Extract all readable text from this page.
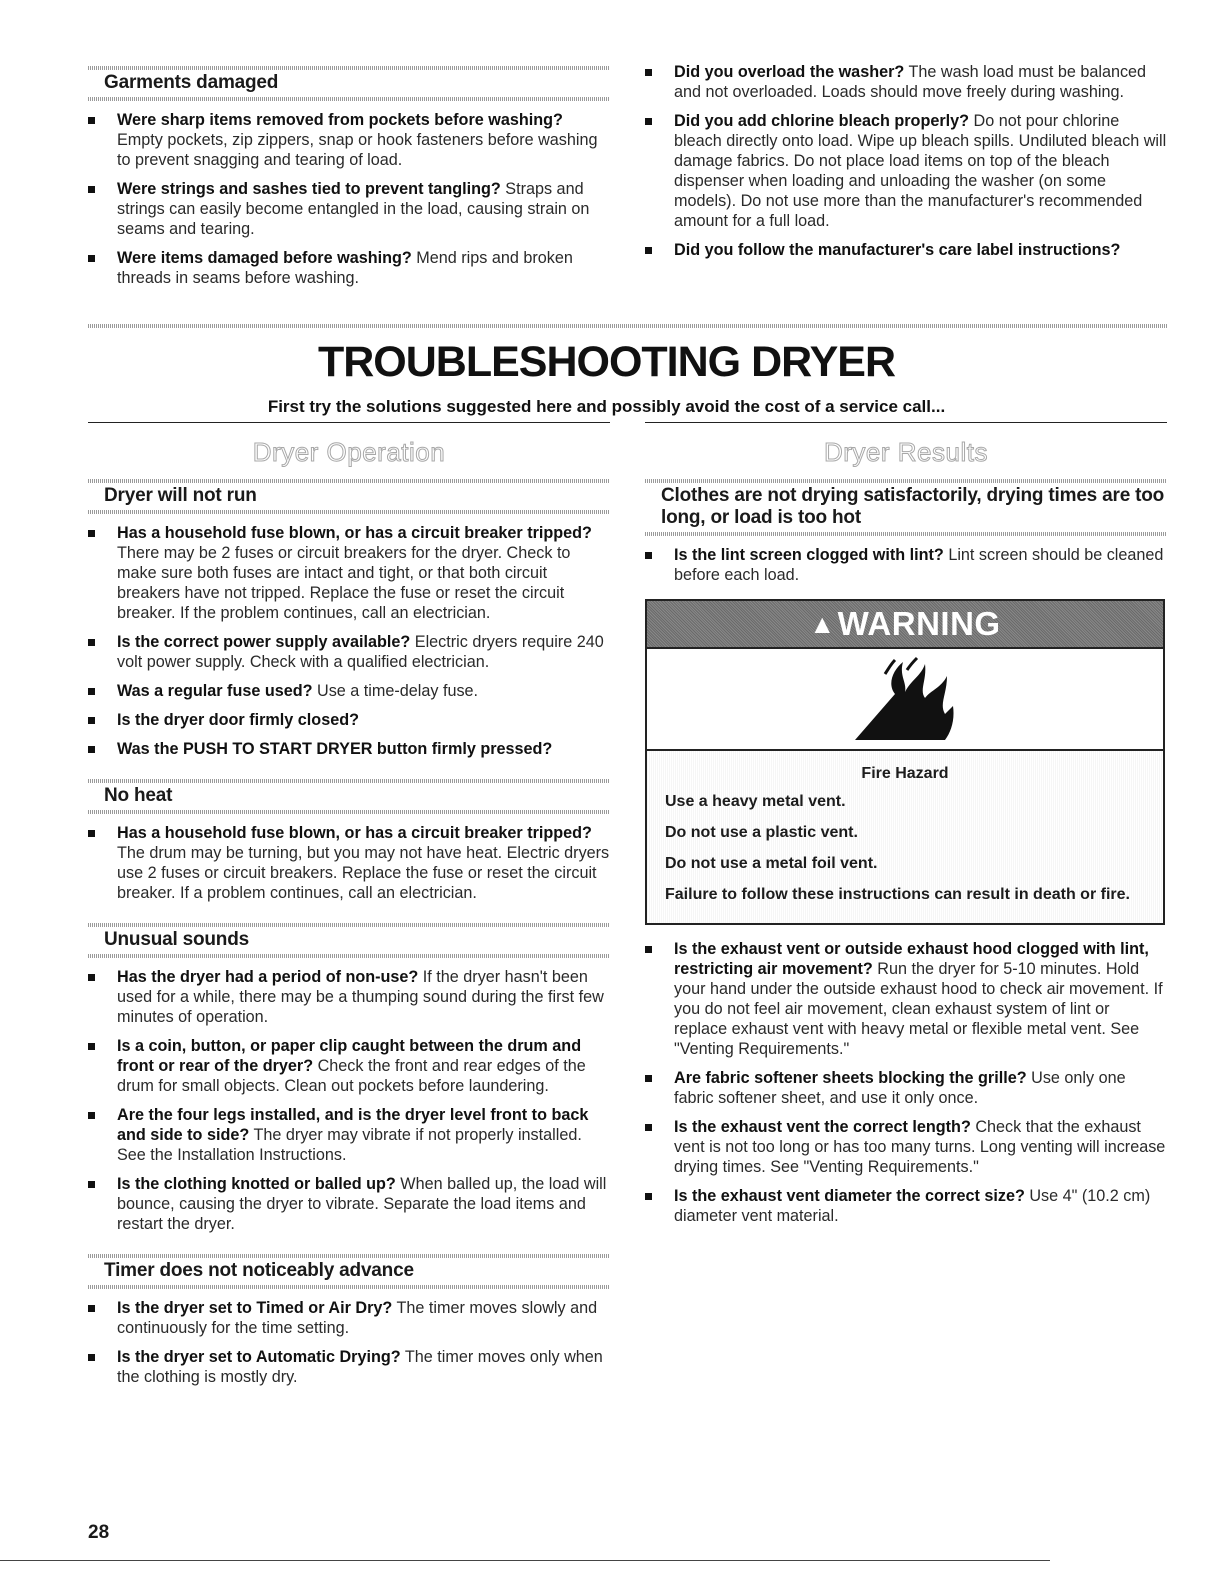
Garments damaged
Were sharp items removed from pockets before washing? Empty pockets, zip zippers, snap or hook fasteners before washing to prevent snagging and tearing of load.
Were strings and sashes tied to prevent tangling? Straps and strings can easily become entangled in the load, causing strain on seams and tearing.
Were items damaged before washing? Mend rips and broken threads in seams before washing.
Did you overload the washer? The wash load must be balanced and not overloaded. Loads should move freely during washing.
Did you add chlorine bleach properly? Do not pour chlorine bleach directly onto load. Wipe up bleach spills. Undiluted bleach will damage fabrics. Do not place load items on top of the bleach dispenser when loading and unloading the washer (on some models). Do not use more than the manufacturer's recommended amount for a full load.
Did you follow the manufacturer's care label instructions?
TROUBLESHOOTING DRYER
First try the solutions suggested here and possibly avoid the cost of a service call...
Dryer Operation
Dryer will not run
Has a household fuse blown, or has a circuit breaker tripped? There may be 2 fuses or circuit breakers for the dryer. Check to make sure both fuses are intact and tight, or that both circuit breakers have not tripped. Replace the fuse or reset the circuit breaker. If the problem continues, call an electrician.
Is the correct power supply available? Electric dryers require 240 volt power supply. Check with a qualified electrician.
Was a regular fuse used? Use a time-delay fuse.
Is the dryer door firmly closed?
Was the PUSH TO START DRYER button firmly pressed?
No heat
Has a household fuse blown, or has a circuit breaker tripped? The drum may be turning, but you may not have heat. Electric dryers use 2 fuses or circuit breakers. Replace the fuse or reset the circuit breaker. If a problem continues, call an electrician.
Unusual sounds
Has the dryer had a period of non-use? If the dryer hasn't been used for a while, there may be a thumping sound during the first few minutes of operation.
Is a coin, button, or paper clip caught between the drum and front or rear of the dryer? Check the front and rear edges of the drum for small objects. Clean out pockets before laundering.
Are the four legs installed, and is the dryer level front to back and side to side? The dryer may vibrate if not properly installed. See the Installation Instructions.
Is the clothing knotted or balled up? When balled up, the load will bounce, causing the dryer to vibrate. Separate the load items and restart the dryer.
Timer does not noticeably advance
Is the dryer set to Timed or Air Dry? The timer moves slowly and continuously for the time setting.
Is the dryer set to Automatic Drying? The timer moves only when the clothing is mostly dry.
Dryer Results
Clothes are not drying satisfactorily, drying times are too long, or load is too hot
Is the lint screen clogged with lint? Lint screen should be cleaned before each load.
▲ WARNING
Fire Hazard

Use a heavy metal vent.

Do not use a plastic vent.

Do not use a metal foil vent.

Failure to follow these instructions can result in death or fire.

Is the exhaust vent or outside exhaust hood clogged with lint, restricting air movement? Run the dryer for 5-10 minutes. Hold your hand under the outside exhaust hood to check air movement. If you do not feel air movement, clean exhaust system of lint or replace exhaust vent with heavy metal or flexible metal vent. See "Venting Requirements."
Are fabric softener sheets blocking the grille? Use only one fabric softener sheet, and use it only once.
Is the exhaust vent the correct length? Check that the exhaust vent is not too long or has too many turns. Long venting will increase drying times. See "Venting Requirements."
Is the exhaust vent diameter the correct size? Use 4" (10.2 cm) diameter vent material.
28
